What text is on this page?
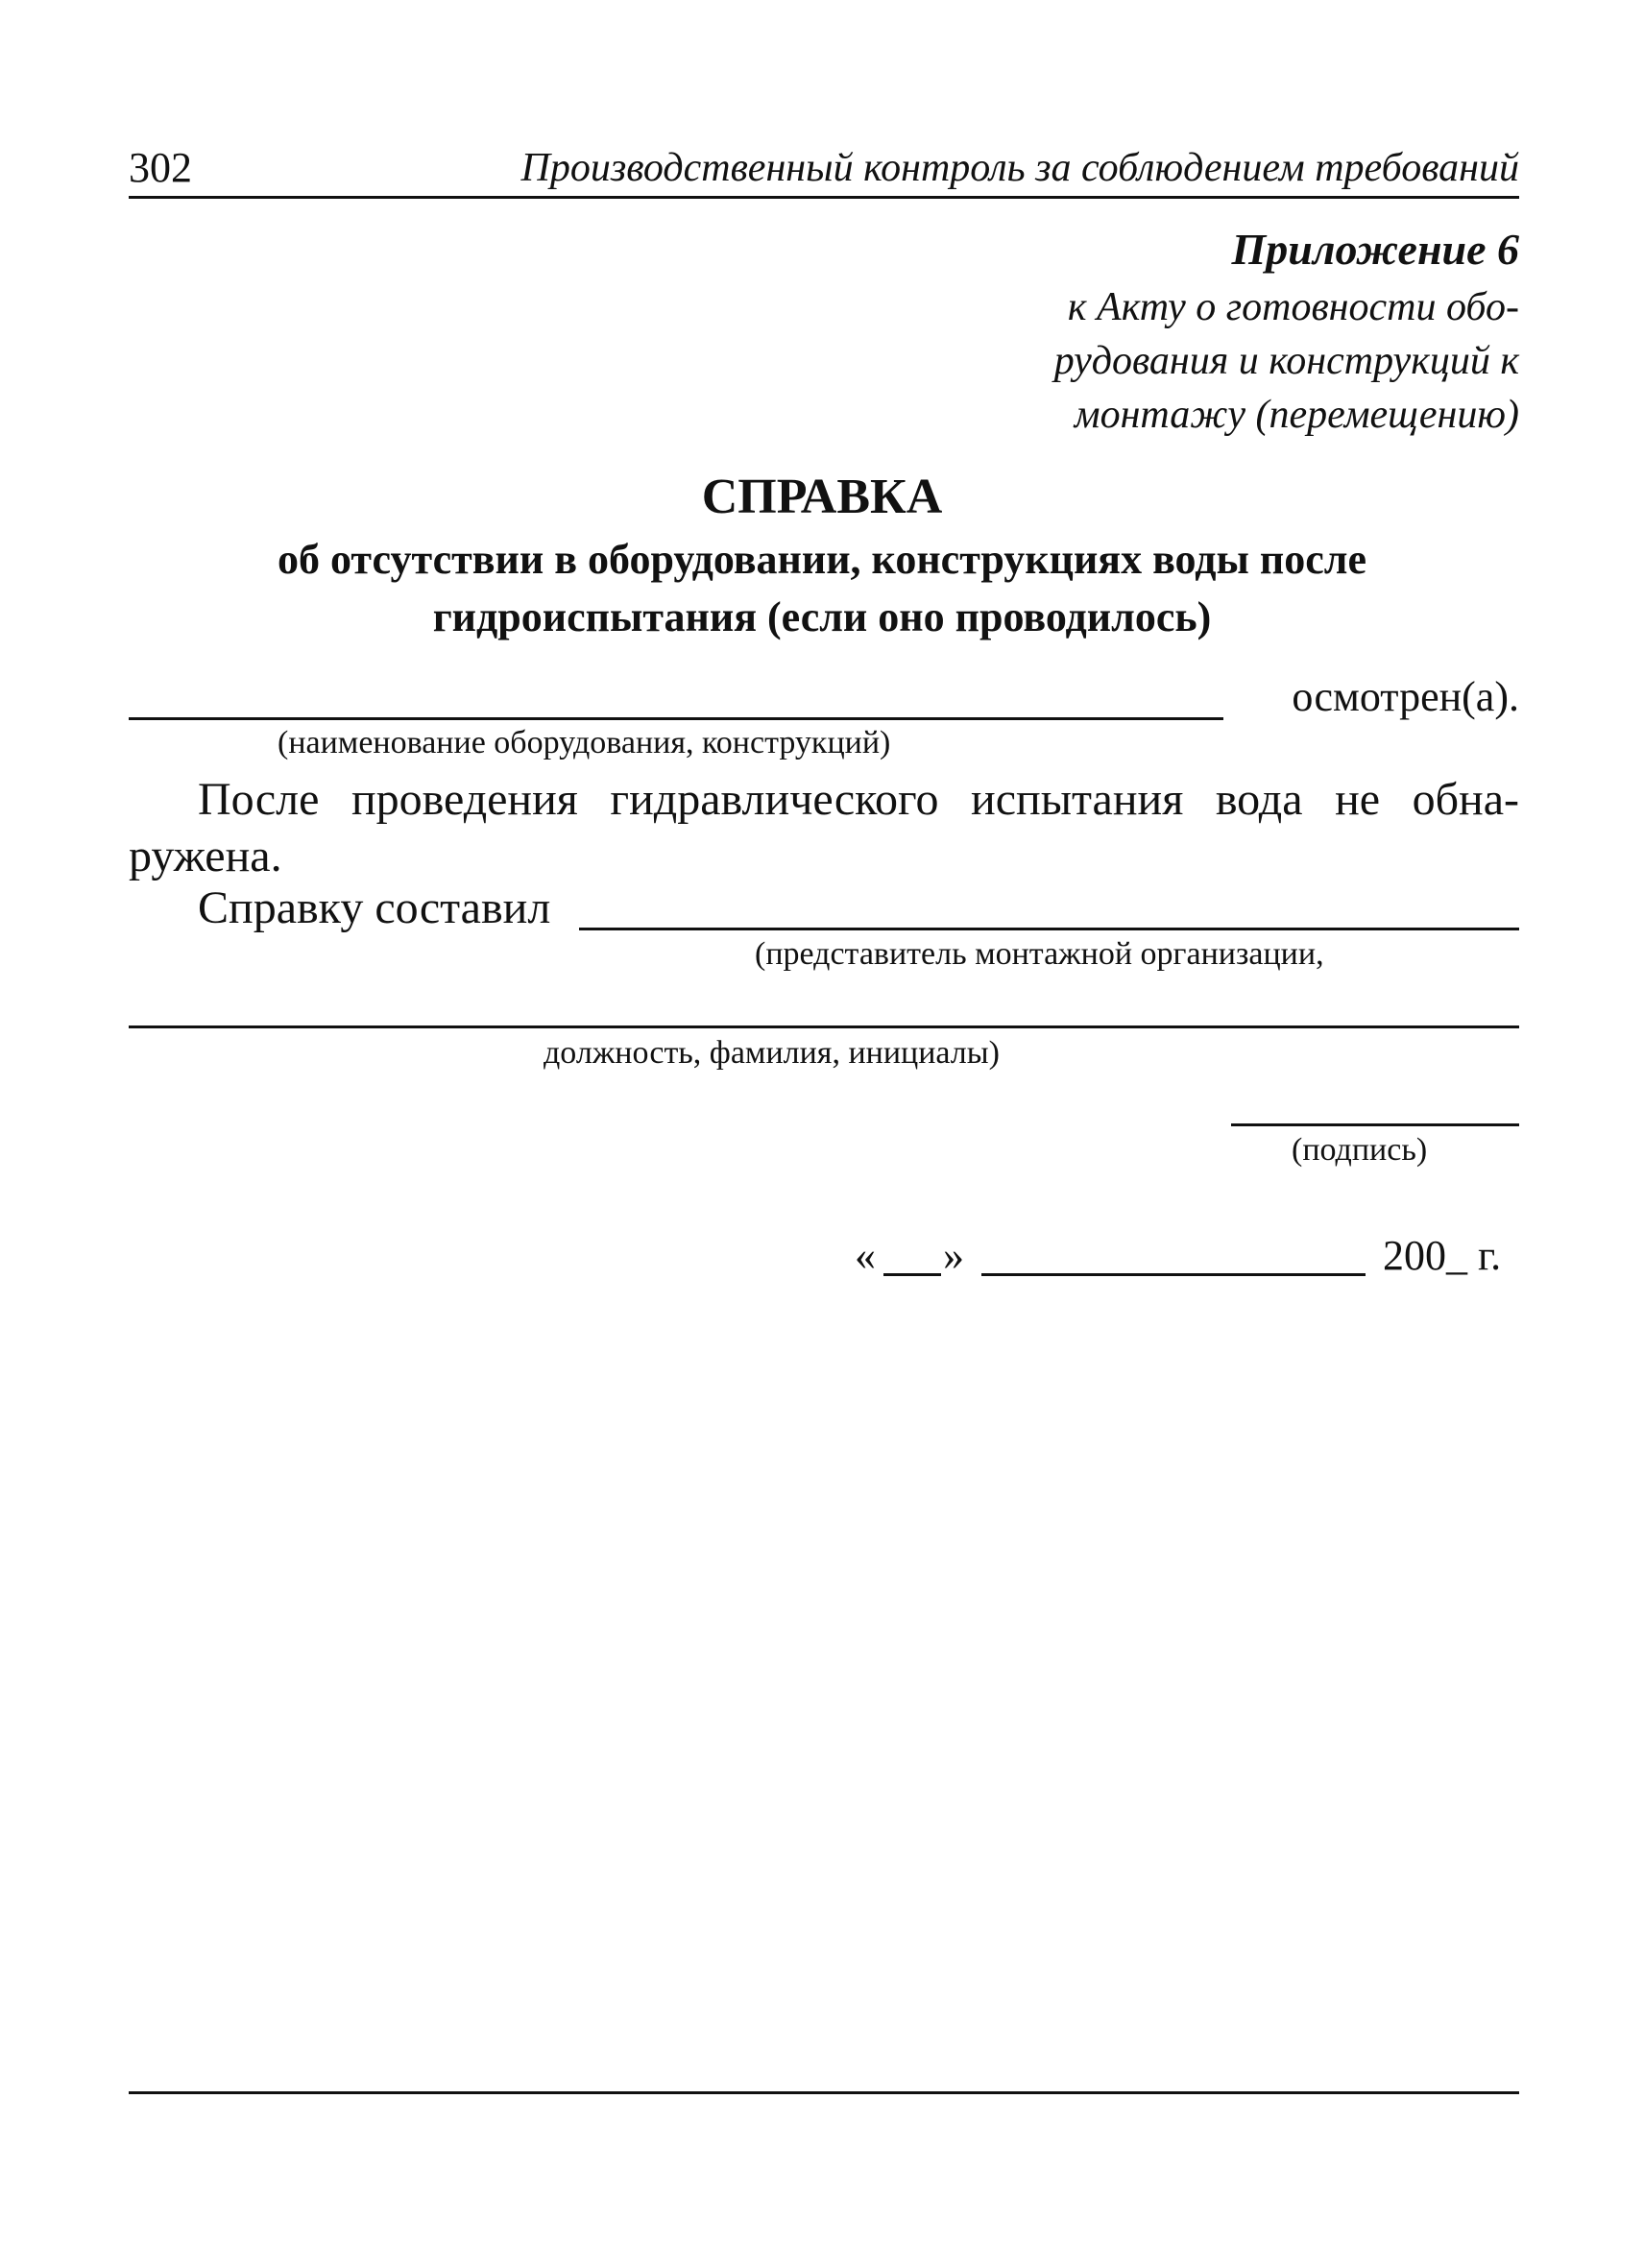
302	Производственный контроль за соблюдением требований
Приложение 6
к Акту о готовности обо-рудования и конструкций к монтажу (перемещению)
СПРАВКА
об отсутствии в оборудовании, конструкциях воды после гидроиспытания (если оно проводилось)
осмотрен(а).
(наименование оборудования, конструкций)
После проведения гидравлического испытания вода не обна-ружена.
Справку составил
(представитель монтажной организации,
должность, фамилия, инициалы)
(подпись)
« »	200_ г.
